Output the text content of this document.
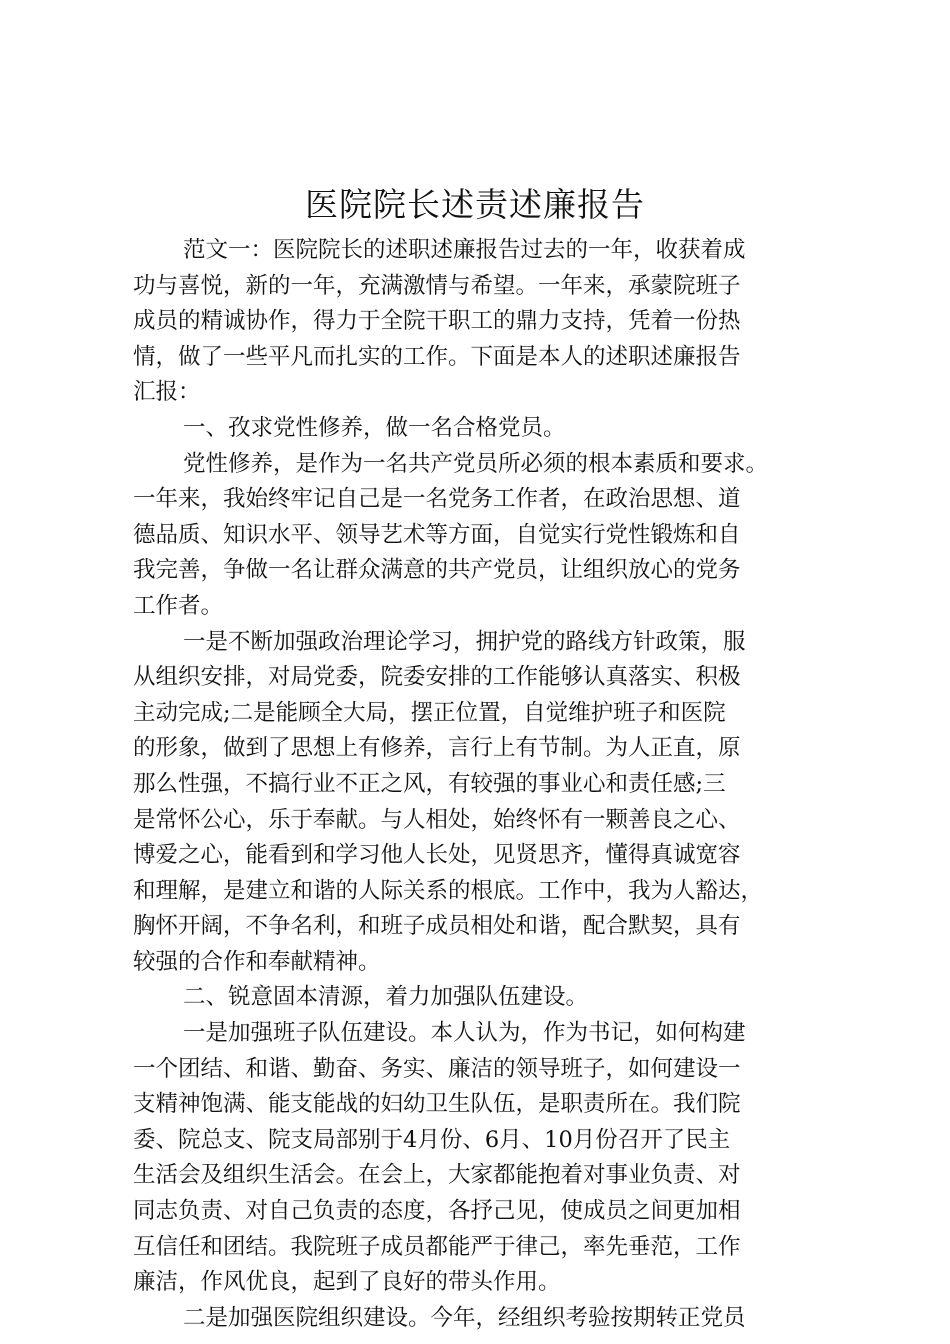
医院院长述责述廉报告
范文一：医院院长的述职述廉报告过去的一年，收获着成
功与喜悦，新的一年，充满激情与希望。一年来，承蒙院班子
成员的精诚协作，得力于全院干职工的鼎力支持，凭着一份热
情，做了一些平凡而扎实的工作。下面是本人的述职述廉报告
汇报：
一、孜求党性修养，做一名合格党员。
党性修养，是作为一名共产党员所必须的根本素质和要求。
一年来，我始终牢记自己是一名党务工作者，在政治思想、道
德品质、知识水平、领导艺术等方面，自觉实行党性锻炼和自
我完善，争做一名让群众满意的共产党员，让组织放心的党务
工作者。
一是不断加强政治理论学习，拥护党的路线方针政策，服
从组织安排，对局党委，院委安排的工作能够认真落实、积极
主动完成;二是能顾全大局，摆正位置，自觉维护班子和医院
的形象，做到了思想上有修养，言行上有节制。为人正直，原
那么性强，不搞行业不正之风，有较强的事业心和责任感;三
是常怀公心，乐于奉献。与人相处，始终怀有一颗善良之心、
博爱之心，能看到和学习他人长处，见贤思齐，懂得真诚宽容
和理解，是建立和谐的人际关系的根底。工作中，我为人豁达，
胸怀开阔，不争名利，和班子成员相处和谐，配合默契，具有
较强的合作和奉献精神。
二、锐意固本清源，着力加强队伍建设。
一是加强班子队伍建设。本人认为，作为书记，如何构建
一个团结、和谐、勤奋、务实、廉洁的领导班子，如何建设一
支精神饱满、能支能战的妇幼卫生队伍，是职责所在。我们院
委、院总支、院支局部别于4月份、6月、10月份召开了民主
生活会及组织生活会。在会上，大家都能抱着对事业负责、对
同志负责、对自己负责的态度，各抒己见，使成员之间更加相
互信任和团结。我院班子成员都能严于律己，率先垂范，工作
廉洁，作风优良，起到了良好的带头作用。
二是加强医院组织建设。今年，经组织考验按期转正党员
